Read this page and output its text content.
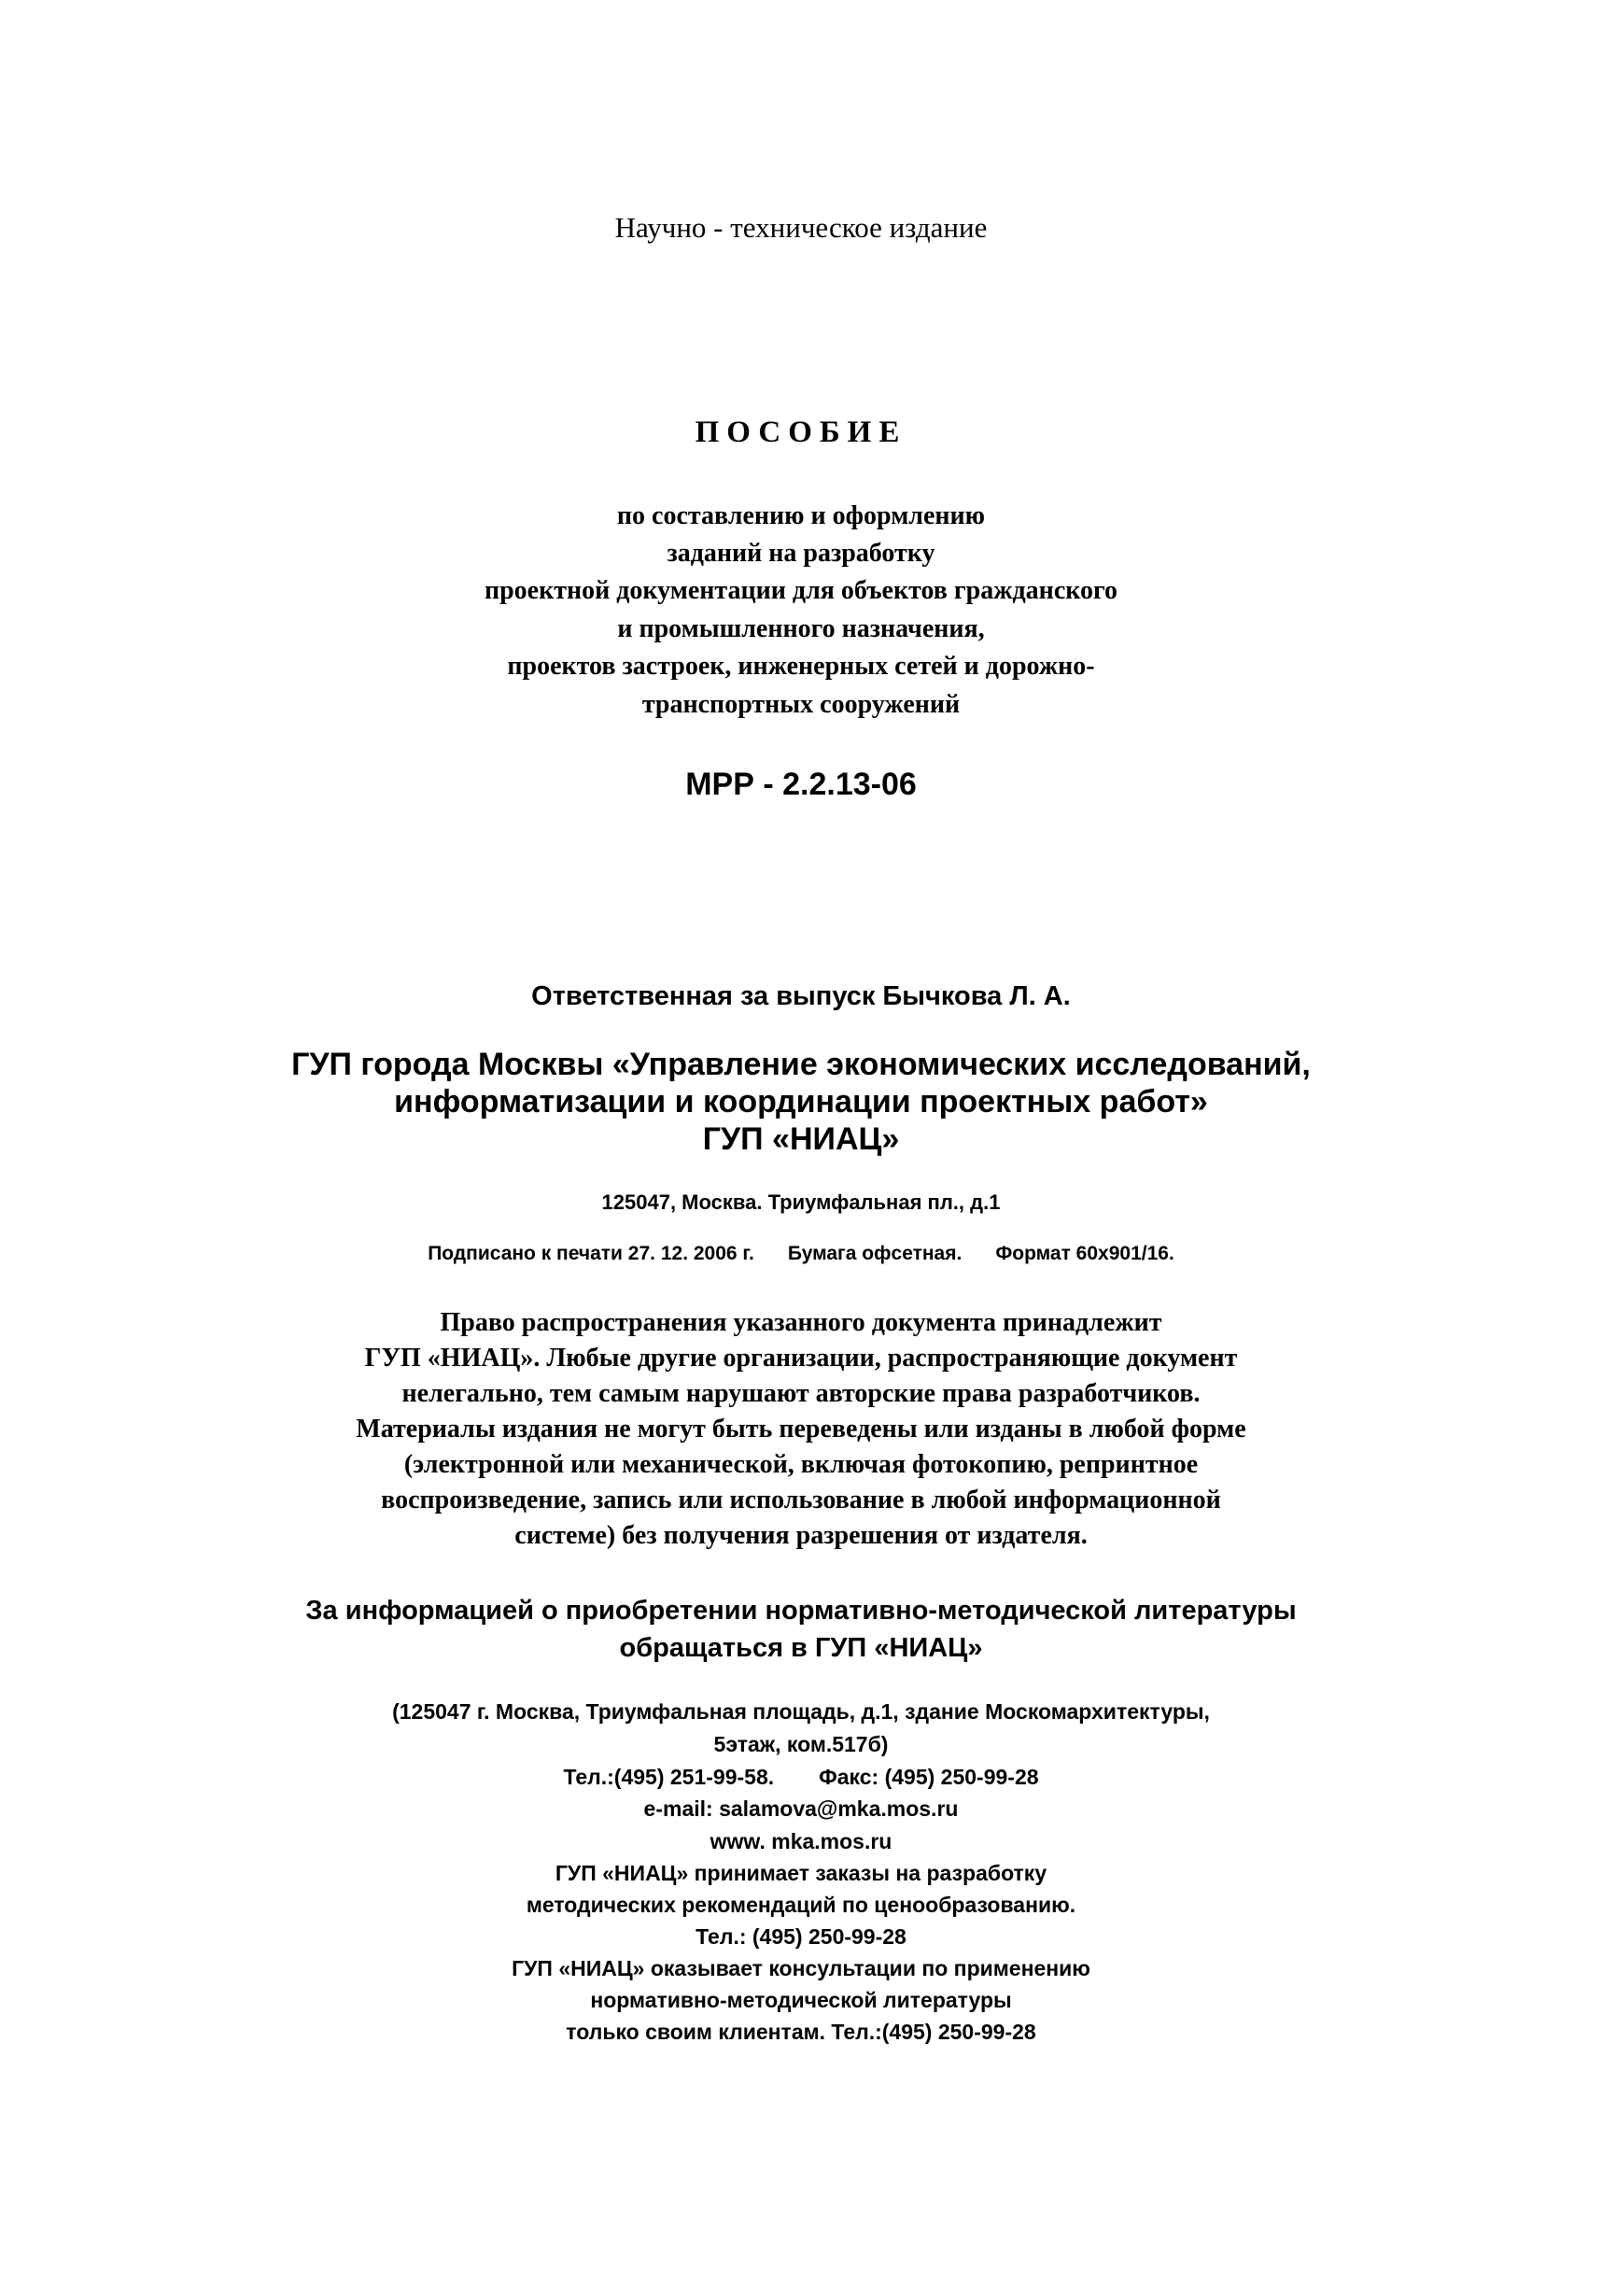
Научно - техническое издание
ПОСОБИЕ
по составлению и оформлению
заданий на разработку
проектной документации для объектов гражданского
и промышленного назначения,
проектов застроек, инженерных сетей и дорожно-
транспортных сооружений
МРР - 2.2.13-06
Ответственная за выпуск Бычкова Л. А.
ГУП города Москвы «Управление экономических исследований,
информатизации и координации проектных работ»
ГУП «НИАЦ»
125047, Москва. Триумфальная пл., д.1
Подписано к печати 27. 12. 2006 г. Бумага офсетная. Формат 60х901/16.
Право распространения указанного документа принадлежит
ГУП «НИАЦ». Любые другие организации, распространяющие документ
нелегально, тем самым нарушают авторские права разработчиков.
Материалы издания не могут быть переведены или изданы в любой форме
(электронной или механической, включая фотокопию, репринтное
воспроизведение, запись или использование в любой информационной
системе) без получения разрешения от издателя.
За информацией о приобретении нормативно-методической литературы
обращаться в ГУП «НИАЦ»
(125047 г. Москва, Триумфальная площадь, д.1, здание Москомархитектуры,
5этаж, ком.517б)
Тел.:(495) 251-99-58. Факс: (495) 250-99-28
e-mail: salamova@mka.mos.ru
www. mka.mos.ru
ГУП «НИАЦ» принимает заказы на разработку
методических рекомендаций по ценообразованию.
Тел.: (495) 250-99-28
ГУП «НИАЦ» оказывает консультации по применению
нормативно-методической литературы
только своим клиентам. Тел.:(495) 250-99-28
